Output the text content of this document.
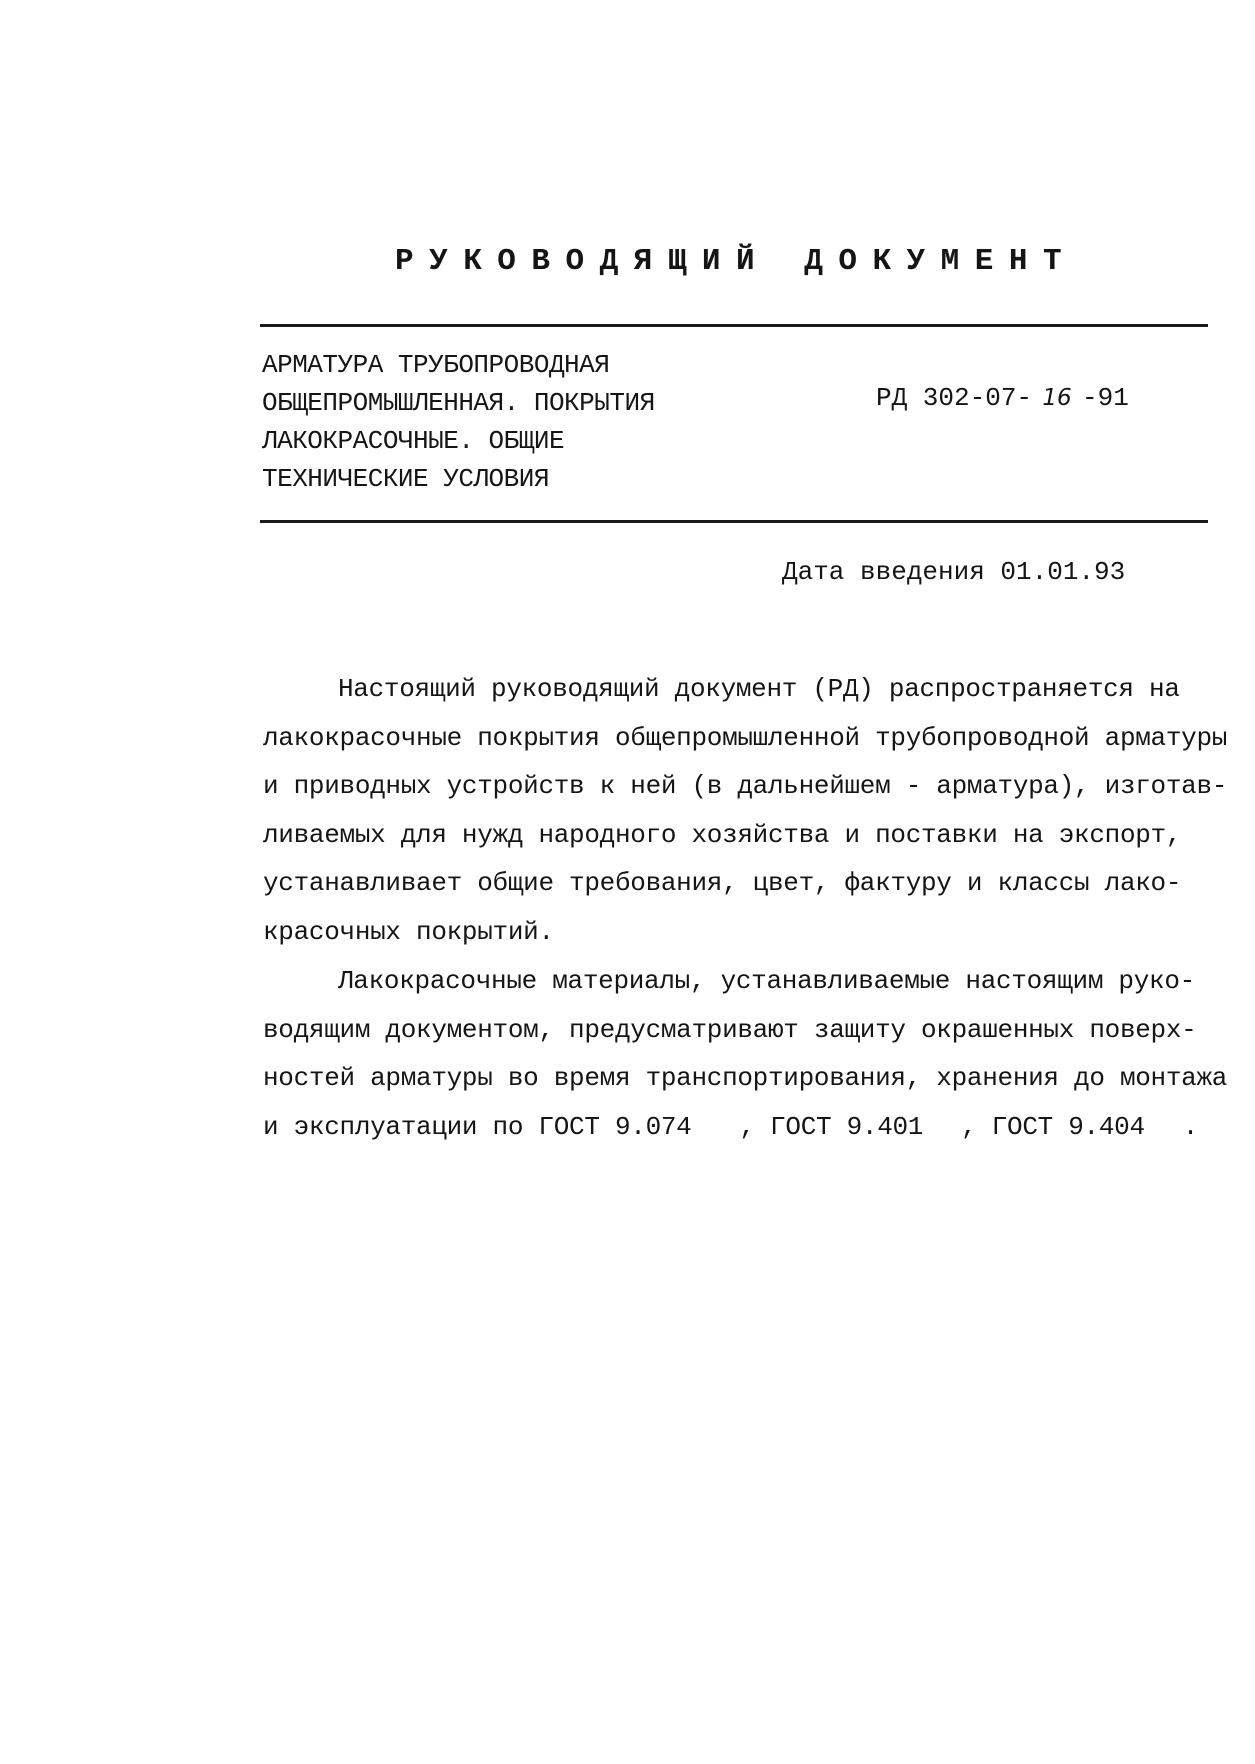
РУКОВОДЯЩИЙ ДОКУМЕНТ
АРМАТУРА ТРУБОПРОВОДНАЯ
ОБЩЕПРОМЫШЛЕННАЯ. ПОКРЫТИЯ
ЛАКОКРАСОЧНЫЕ. ОБЩИЕ
ТЕХНИЧЕСКИЕ УСЛОВИЯ
РД 302-07- 16 -91
Дата введения 01.01.93
Настоящий руководящий документ (РД) распространяется на
лакокрасочные покрытия общепромышленной трубопроводной арматуры
и приводных устройств к ней (в дальнейшем - арматура), изготав-
ливаемых для нужд народного хозяйства и поставки на экспорт,
устанавливает общие требования, цвет, фактуру и классы лако-
красочных покрытий.
Лакокрасочные материалы, устанавливаемые настоящим руко-
водящим документом, предусматривают защиту окрашенных поверх-
ностей арматуры во время транспортирования, хранения до монтажа
и эксплуатации по ГОСТ 9.074 , ГОСТ 9.401 , ГОСТ 9.404 .
